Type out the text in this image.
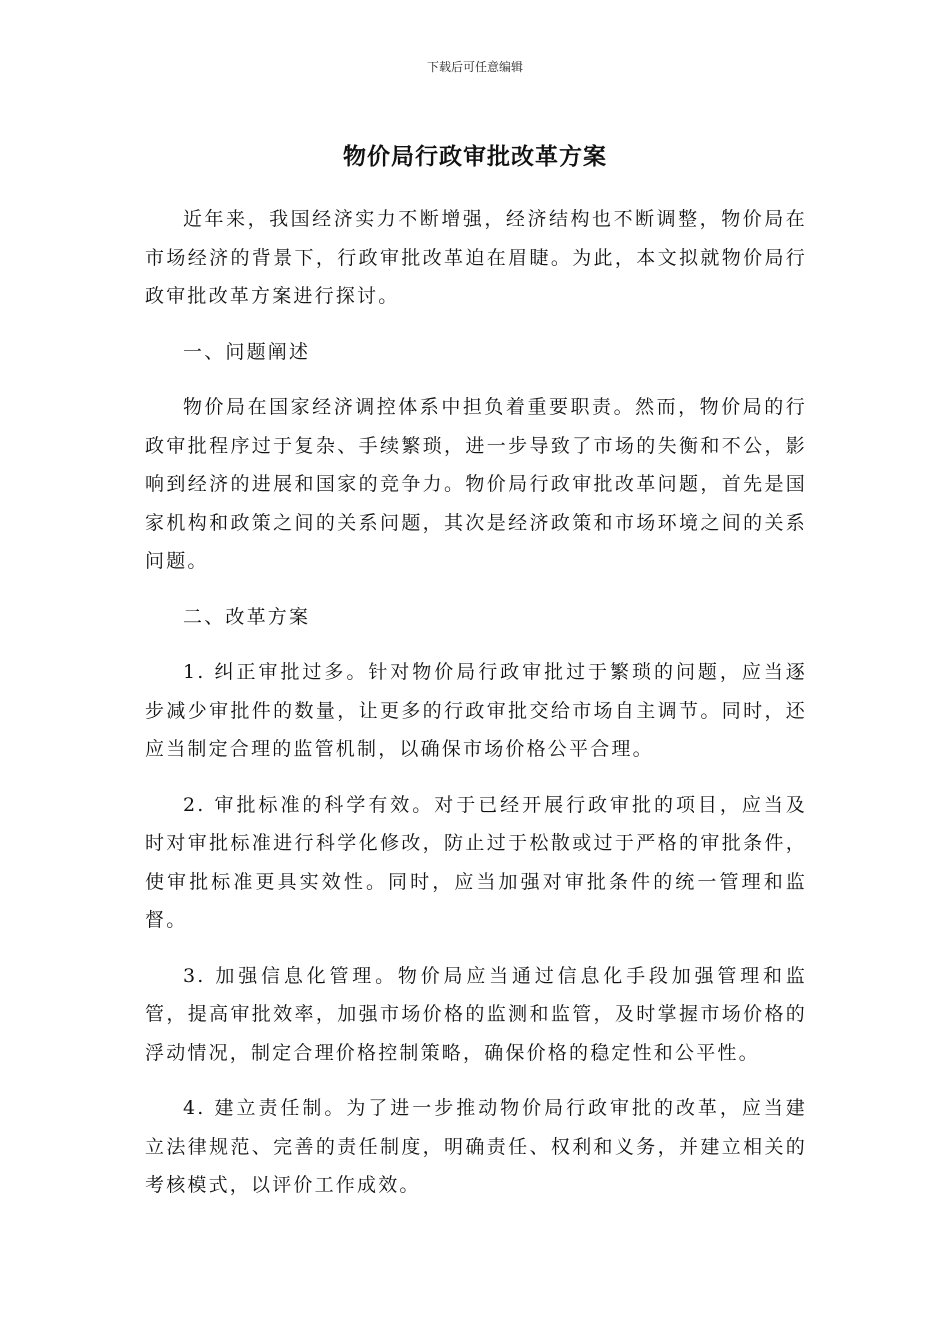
下载后可任意编辑
物价局行政审批改革方案

近年来，我国经济实力不断增强，经济结构也不断调整，物价局在市场经济的背景下，行政审批改革迫在眉睫。为此，本文拟就物价局行政审批改革方案进行探讨。

一、问题阐述

物价局在国家经济调控体系中担负着重要职责。然而，物价局的行政审批程序过于复杂、手续繁琐，进一步导致了市场的失衡和不公，影响到经济的进展和国家的竞争力。物价局行政审批改革问题，首先是国家机构和政策之间的关系问题，其次是经济政策和市场环境之间的关系问题。

二、改革方案

1. 纠正审批过多。针对物价局行政审批过于繁琐的问题，应当逐步减少审批件的数量，让更多的行政审批交给市场自主调节。同时，还应当制定合理的监管机制，以确保市场价格公平合理。

2. 审批标准的科学有效。对于已经开展行政审批的项目，应当及时对审批标准进行科学化修改，防止过于松散或过于严格的审批条件，使审批标准更具实效性。同时，应当加强对审批条件的统一管理和监督。

3. 加强信息化管理。物价局应当通过信息化手段加强管理和监管，提高审批效率，加强市场价格的监测和监管，及时掌握市场价格的浮动情况，制定合理价格控制策略，确保价格的稳定性和公平性。

4. 建立责任制。为了进一步推动物价局行政审批的改革，应当建立法律规范、完善的责任制度，明确责任、权利和义务，并建立相关的考核模式，以评价工作成效。
